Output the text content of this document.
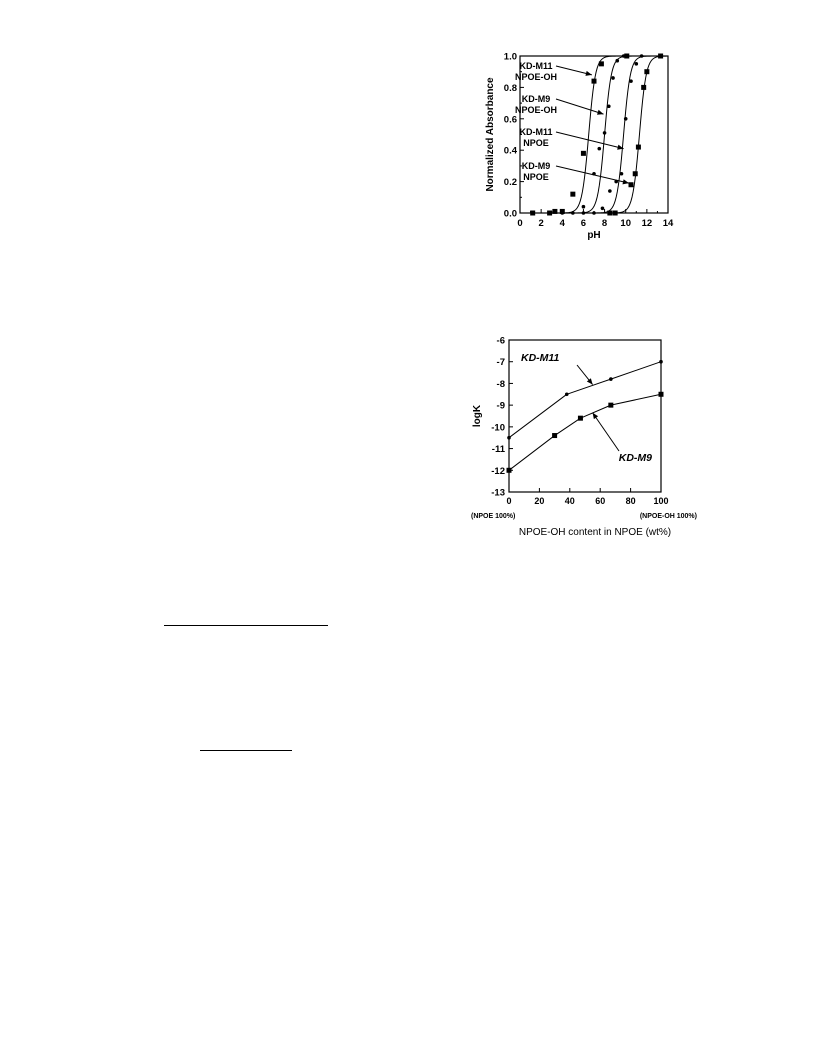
0 2 4 6 8 10 12 14
0.0
0.2
0.4
0.6
0.8
1.0
pH
Normalized Absorbance
KD-M11
NPOE-OH
KD-M9
NPOE-OH
KD-M11
NPOE
KD-M9
NPOE
0	20 40 60 80 100
-6
-7
-8
-9
-10
-11
-12
-13
(NPOE 100%)	(NPOE-OH 100%)
NPOE-OH content in NPOE (wt%)
logK
KD-M11
KD-M9
